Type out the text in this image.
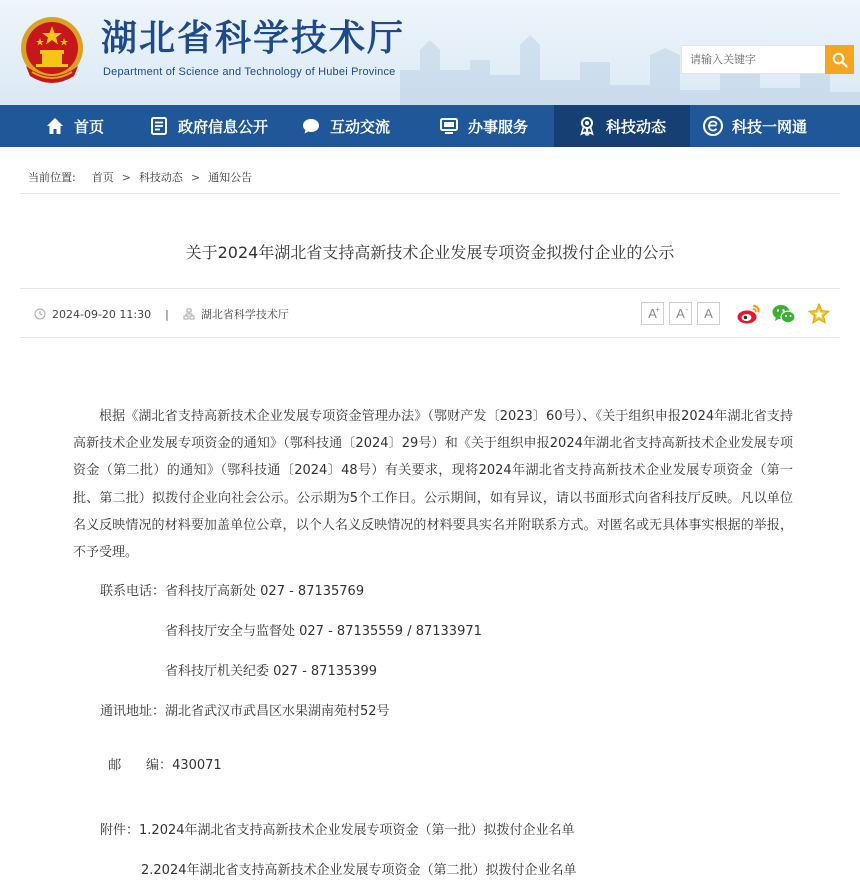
湖北省科学技术厅
Department of Science and Technology of Hubei Province
请输入关键字
首页	政府信息公开	互动交流	办事服务	科技动态	科技一网通
当前位置: 首页 > 科技动态 > 通知公告
关于2024年湖北省支持高新技术企业发展专项资金拟拨付企业的公示
2024-09-20 11:30 |	湖北省科学技术厅	A
+ A- A
根据《湖北省支持高新技术企业发展专项资金管理办法》（鄂财产发〔2023〕60号）、《关于组织申报2024年湖北省支持高新技术企业发展专项资金的通知》（鄂科技通〔2024〕29号）和《关于组织申报2024年湖北省支持高新技术企业发展专项资金（第二批）的通知》（鄂科技通〔2024〕48号）有关要求，现将2024年湖北省支持高新技术企业发展专项资金（第一批、第二批）拟拨付企业向社会公示。公示期为5个工作日。公示期间，如有异议，请以书面形式向省科技厅反映。凡以单位名义反映情况的材料要加盖单位公章，以个人名义反映情况的材料要具实名并附联系方式。对匿名或无具体事实根据的举报，不予受理。
联系电话：省科技厅高新处 027 - 87135769
省科技厅安全与监督处 027 - 87135559 / 87133971
省科技厅机关纪委 027 - 87135399
通讯地址：湖北省武汉市武昌区水果湖南苑村52号

邮      编：430071

附件：1.2024年湖北省支持高新技术企业发展专项资金（第一批）拟拨付企业名单
2.2024年湖北省支持高新技术企业发展专项资金（第二批）拟拨付企业名单
